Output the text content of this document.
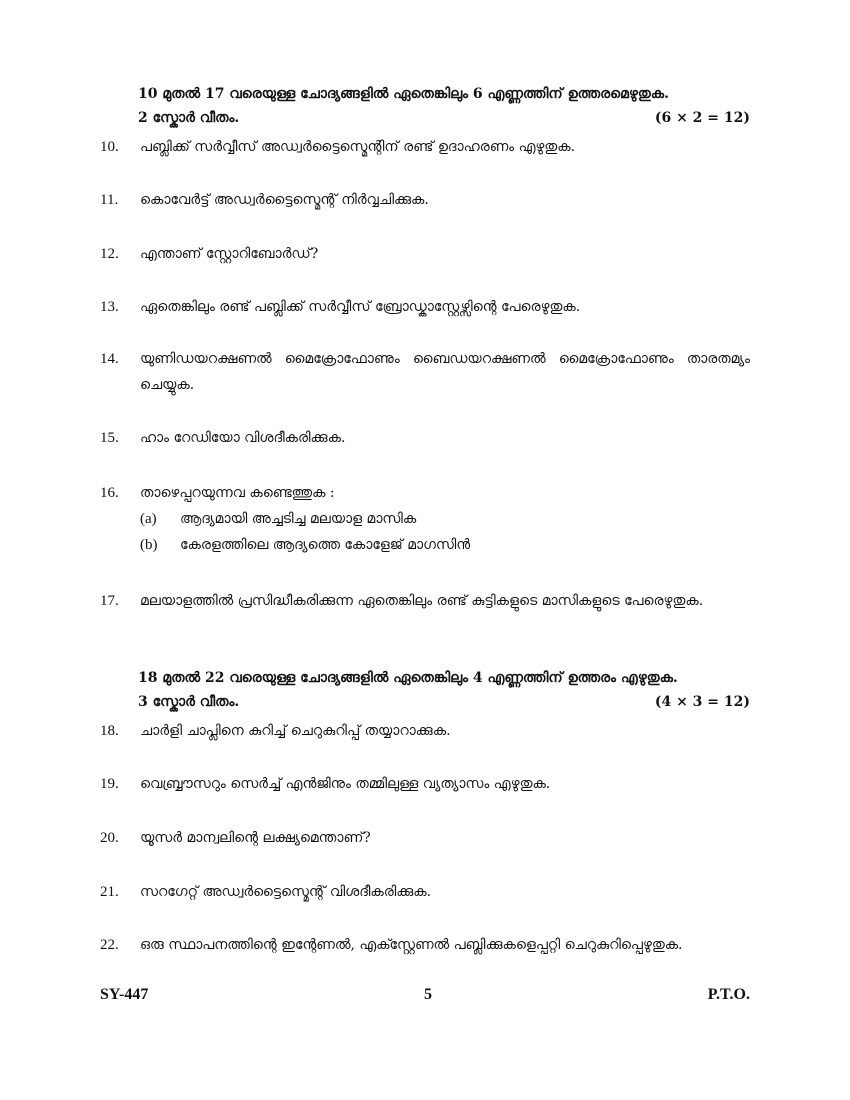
10 മുതൽ 17 വരെയുള്ള ചോദ്യങ്ങളിൽ ഏതെങ്കിലും 6 എണ്ണത്തിന് ഉത്തരമെഴുതുക.
2 സ്കോർ വീതം.	(6 × 2 = 12)
10.	പബ്ലിക്ക് സർവ്വീസ് അഡ്വർട്ടൈസ്മെന്റിന് രണ്ട് ഉദാഹരണം എഴുതുക.
11.	കൊവേർട്ട് അഡ്വർട്ടൈസ്മെന്റ് നിർവ്വചിക്കുക.
12.	എന്താണ് സ്റ്റോറിബോർഡ്?
13.	ഏതെങ്കിലും രണ്ട് പബ്ലിക്ക് സർവ്വീസ് ബ്രോഡ്കാസ്റ്റേഴ്സിന്റെ പേരെഴുതുക.
14.	യുണിഡയറക്ഷണൽ മൈക്രോഫോണും ബൈഡയറക്ഷണൽ മൈക്രോഫോണും താരതമ്യം ചെയ്യുക.
15.	ഹാം റേഡിയോ വിശദീകരിക്കുക.
16.	താഴെപ്പറയുന്നവ കണ്ടെത്തുക :
(a) ആദ്യമായി അച്ചടിച്ച മലയാള മാസിക
(b) കേരളത്തിലെ ആദ്യത്തെ കോളേജ് മാഗസിൻ
17.	മലയാളത്തിൽ പ്രസിദ്ധീകരിക്കുന്ന ഏതെങ്കിലും രണ്ട് കുട്ടികളുടെ മാസികളുടെ പേരെഴുതുക.
18 മുതൽ 22 വരെയുള്ള ചോദ്യങ്ങളിൽ ഏതെങ്കിലും 4 എണ്ണത്തിന് ഉത്തരം എഴുതുക.
3 സ്കോർ വീതം.	(4 × 3 = 12)
18.	ചാർളി ചാപ്ലിനെ കുറിച്ച് ചെറുകുറിപ്പ് തയ്യാറാക്കുക.
19.	വെബ്ബ്രൗസറും സെർച്ച് എൻജിനും തമ്മിലുള്ള വ്യത്യാസം എഴുതുക.
20.	യൂസർ മാന്വലിന്റെ ലക്ഷ്യമെന്താണ്?
21.	സറഗേറ്റ് അഡ്വർട്ടൈസ്മെന്റ് വിശദീകരിക്കുക.
22.	ഒരു സ്ഥാപനത്തിന്റെ ഇന്റേണൽ, എക്സ്റ്റേണൽ പബ്ലിക്കുകളെപ്പറ്റി ചെറുകുറിപ്പെഴുതുക.
SY-447	5	P.T.O.
